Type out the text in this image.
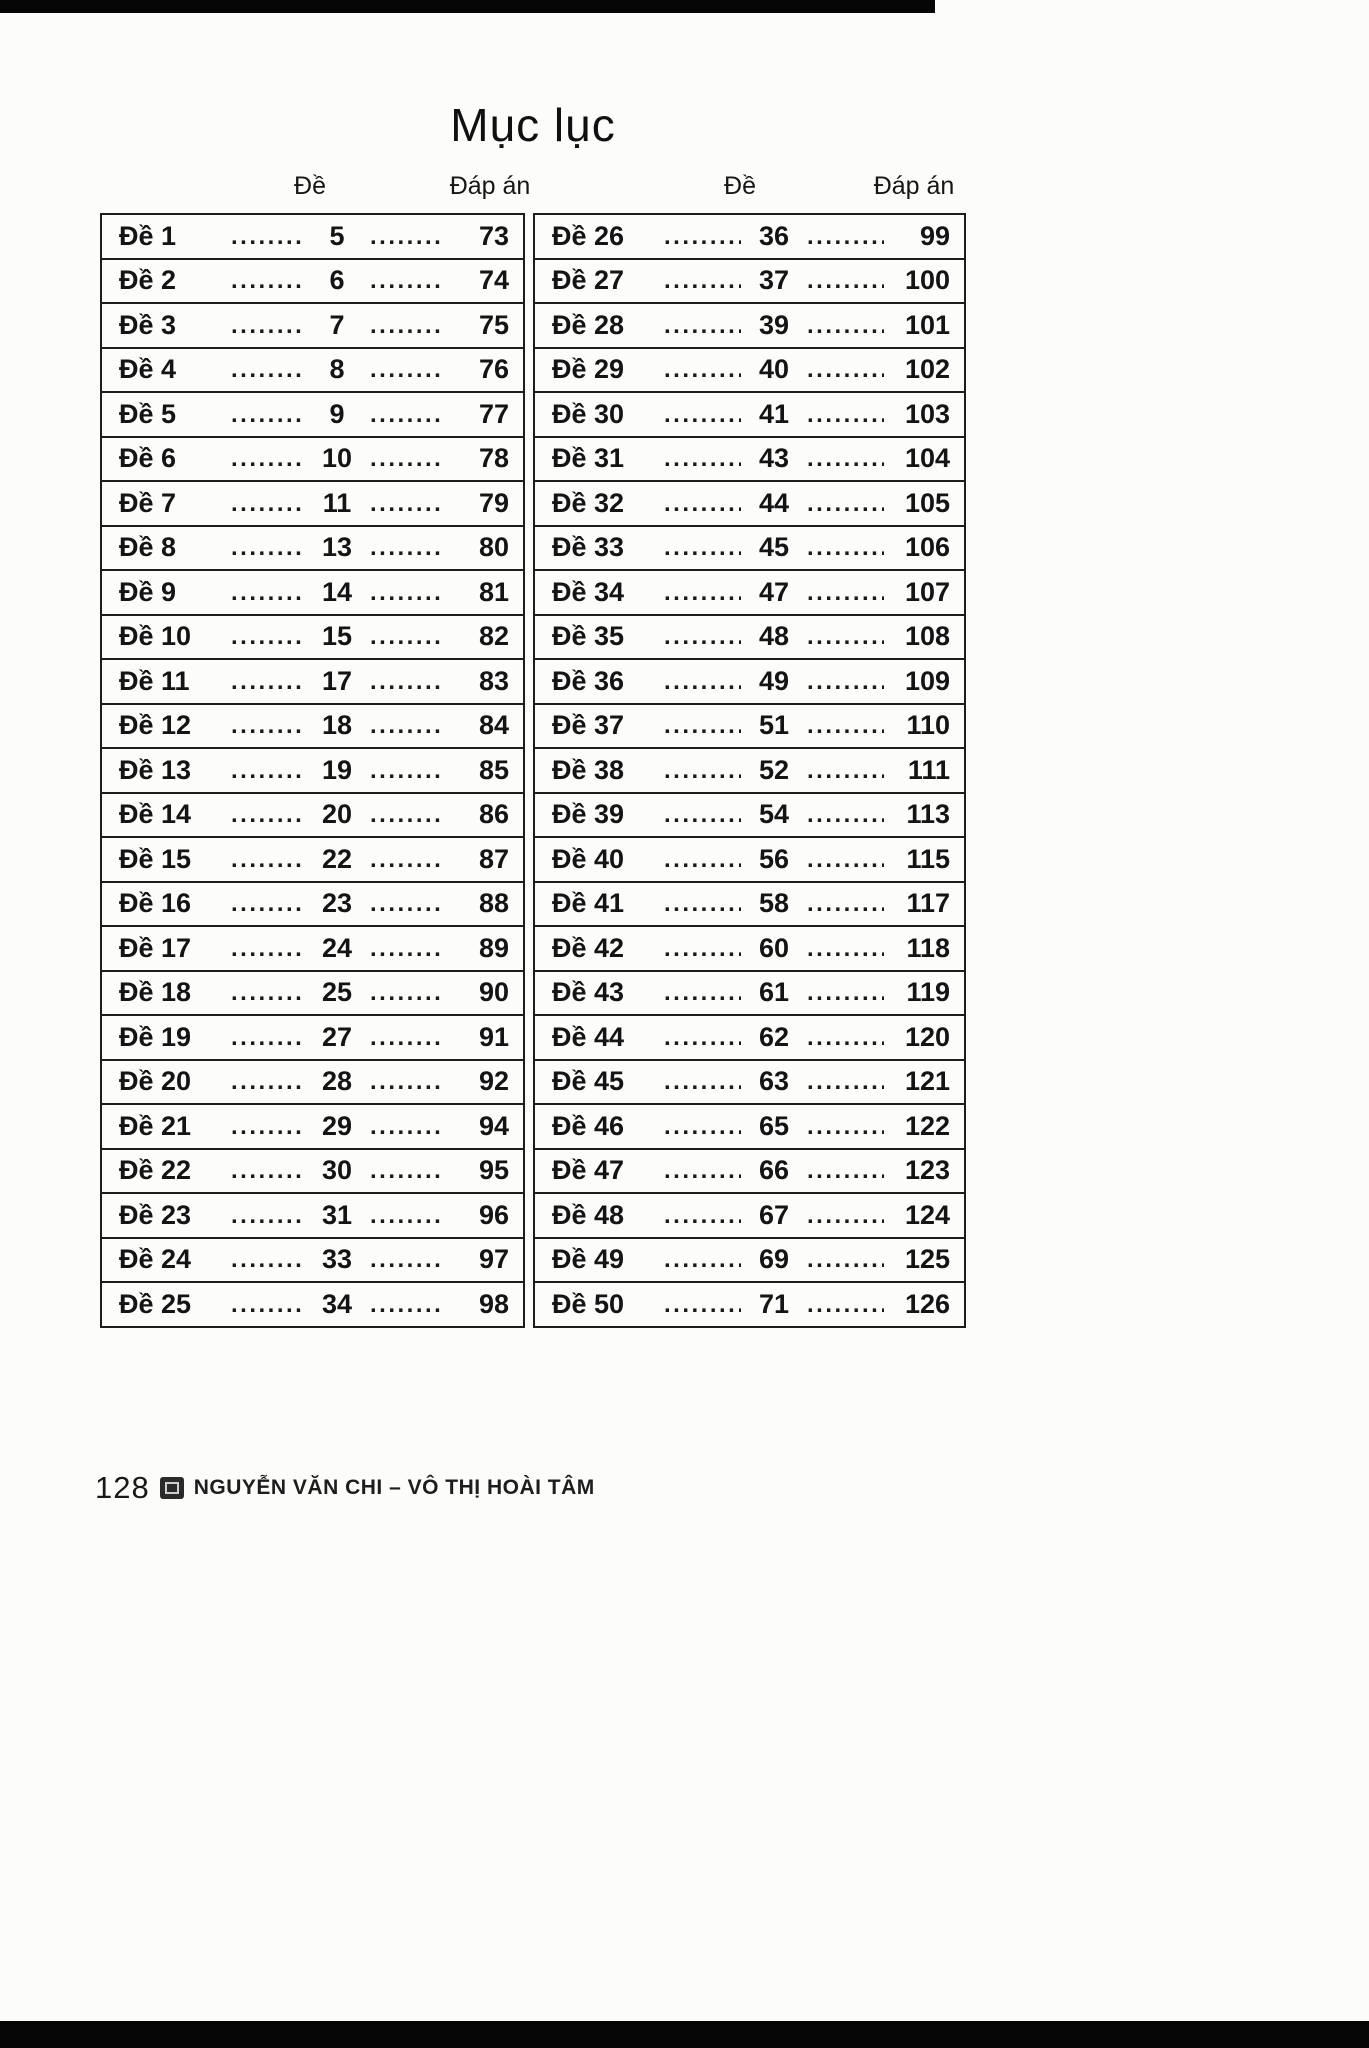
Mục lục
Đề	Đáp án	Đề	Đáp án
Đề 1 .....	5 .....	73
Đề 2 .....	6 .....	74
Đề 3 .....	7 .....	75
Đề 4 .....	8 .....	76
Đề 5 .....	9 .....	77
Đề 6 .....	10 .....	78
Đề 7 .....	11 .....	79
Đề 8 .....	13 .....	80
Đề 9 .....	14 .....	81
Đề 10 .....	15 .....	82
Đề 11 .....	17 .....	83
Đề 12 .....	18 .....	84
Đề 13 .....	19 .....	85
Đề 14 .....	20 .....	86
Đề 15 .....	22 .....	87
Đề 16 .....	23 .....	88
Đề 17 .....	24 .....	89
Đề 18 .....	25 .....	90
Đề 19 .....	27 .....	91
Đề 20 .....	28 .....	92
Đề 21 .....	29 .....	94
Đề 22 .....	30 .....	95
Đề 23 .....	31 .....	96
Đề 24 .....	33 .....	97
Đề 25 .....	34 .....	98
Đề 26 .....	36 .....	99
Đề 27 .....	37 .....	100
Đề 28 .....	39 .....	101
Đề 29 .....	40 .....	102
Đề 30 .....	41 .....	103
Đề 31 .....	43 .....	104
Đề 32 .....	44 .....	105
Đề 33 .....	45 .....	106
Đề 34 .....	47 .....	107
Đề 35 .....	48 .....	108
Đề 36 .....	49 .....	109
Đề 37 .....	51 .....	110
Đề 38 .....	52 .....	111
Đề 39 .....	54 .....	113
Đề 40 .....	56 .....	115
Đề 41 .....	58 .....	117
Đề 42 .....	60 .....	118
Đề 43 .....	61 .....	119
Đề 44 .....	62 .....	120
Đề 45 .....	63 .....	121
Đề 46 .....	65 .....	122
Đề 47 .....	66 .....	123
Đề 48 .....	67 .....	124
Đề 49 .....	69 .....	125
Đề 50 .....	71 .....	126
128 NGUYỄN VĂN CHI – VÔ THỊ HOÀI TÂM
